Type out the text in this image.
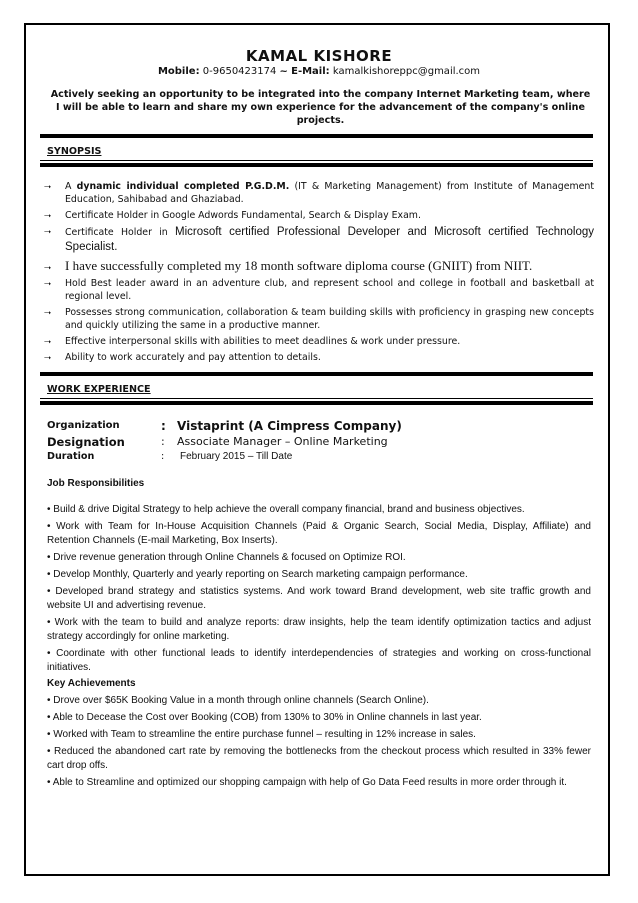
KAMAL KISHORE
Mobile: 0-9650423174 ~ E-Mail: kamalkishoreppc@gmail.com
Actively seeking an opportunity to be integrated into the company Internet Marketing team, where I will be able to learn and share my own experience for the advancement of the company's online projects.
SYNOPSIS
⭢ A dynamic individual completed P.G.D.M. (IT & Marketing Management) from Institute of Management Education, Sahibabad and Ghaziabad.
⭢ Certificate Holder in Google Adwords Fundamental, Search & Display Exam.
⭢ Certificate Holder in Microsoft certified Professional Developer and Microsoft certified Technology Specialist.
⭢ I have successfully completed my 18 month software diploma course (GNIIT) from NIIT.
⭢ Hold Best leader award in an adventure club, and represent school and college in football and basketball at regional level.
⭢ Possesses strong communication, collaboration & team building skills with proficiency in grasping new concepts and quickly utilizing the same in a productive manner.
⭢ Effective interpersonal skills with abilities to meet deadlines & work under pressure.
⭢ Ability to work accurately and pay attention to details.
WORK EXPERIENCE
Organization	: Vistaprint (A Cimpress Company)
Designation	: Associate Manager – Online Marketing
Duration	: February 2015 – Till Date
Job Responsibilities

• Build & drive Digital Strategy to help achieve the overall company financial, brand and business objectives.

• Work with Team for In-House Acquisition Channels (Paid & Organic Search, Social Media, Display, Affiliate) and Retention Channels (E-mail Marketing, Box Inserts).

• Drive revenue generation through Online Channels & focused on Optimize ROI.

• Develop Monthly, Quarterly and yearly reporting on Search marketing campaign performance.

• Developed brand strategy and statistics systems. And work toward Brand development, web site traffic growth and website UI and advertising revenue.

• Work with the team to build and analyze reports: draw insights, help the team identify optimization tactics and adjust strategy accordingly for online marketing.

• Coordinate with other functional leads to identify interdependencies of strategies and working on cross-functional initiatives.

Key Achievements

• Drove over $65K Booking Value in a month through online channels (Search Online).

• Able to Decease the Cost over Booking (COB) from 130% to 30% in Online channels in last year.

• Worked with Team to streamline the entire purchase funnel – resulting in 12% increase in sales.

• Reduced the abandoned cart rate by removing the bottlenecks from the checkout process which resulted in 33% fewer cart drop offs.

• Able to Streamline and optimized our shopping campaign with help of Go Data Feed results in more order through it.
